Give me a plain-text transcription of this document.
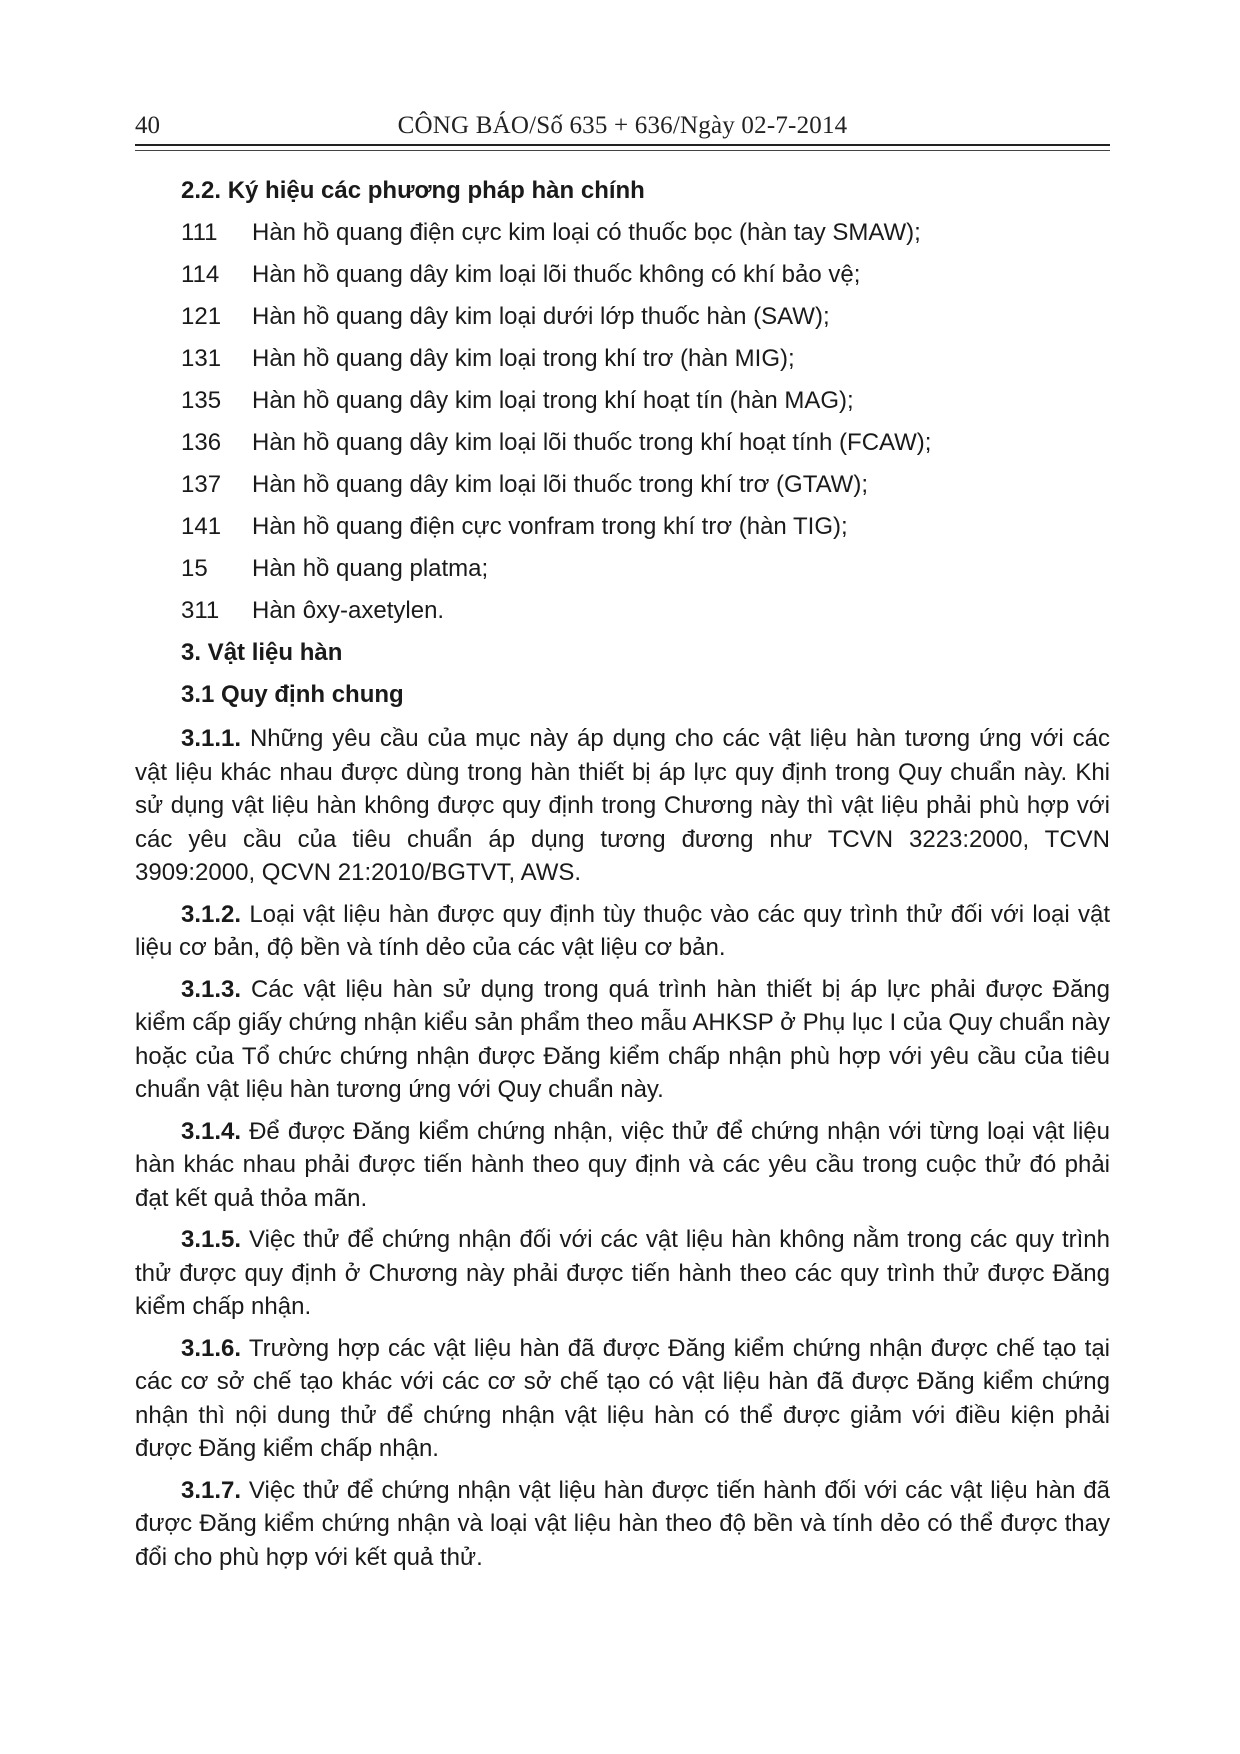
40	CÔNG BÁO/Số 635 + 636/Ngày 02-7-2014
2.2. Ký hiệu các phương pháp hàn chính
111	Hàn hồ quang điện cực kim loại có thuốc bọc (hàn tay SMAW);
114	Hàn hồ quang dây kim loại lõi thuốc không có khí bảo vệ;
121	Hàn hồ quang dây kim loại dưới lớp thuốc hàn (SAW);
131	Hàn hồ quang dây kim loại trong khí trơ (hàn MIG);
135	Hàn hồ quang dây kim loại trong khí hoạt tín (hàn MAG);
136	Hàn hồ quang dây kim loại lõi thuốc trong khí hoạt tính (FCAW);
137	Hàn hồ quang dây kim loại lõi thuốc trong khí trơ (GTAW);
141	Hàn hồ quang điện cực vonfram trong khí trơ (hàn TIG);
15	Hàn hồ quang platma;
311	Hàn ôxy-axetylen.
3. Vật liệu hàn
3.1 Quy định chung

3.1.1. Những yêu cầu của mục này áp dụng cho các vật liệu hàn tương ứng với các vật liệu khác nhau được dùng trong hàn thiết bị áp lực quy định trong Quy chuẩn này. Khi sử dụng vật liệu hàn không được quy định trong Chương này thì vật liệu phải phù hợp với các yêu cầu của tiêu chuẩn áp dụng tương đương như TCVN 3223:2000, TCVN 3909:2000, QCVN 21:2010/BGTVT, AWS.

3.1.2. Loại vật liệu hàn được quy định tùy thuộc vào các quy trình thử đối với loại vật liệu cơ bản, độ bền và tính dẻo của các vật liệu cơ bản.

3.1.3. Các vật liệu hàn sử dụng trong quá trình hàn thiết bị áp lực phải được Đăng kiểm cấp giấy chứng nhận kiểu sản phẩm theo mẫu AHKSP ở Phụ lục I của Quy chuẩn này hoặc của Tổ chức chứng nhận được Đăng kiểm chấp nhận phù hợp với yêu cầu của tiêu chuẩn vật liệu hàn tương ứng với Quy chuẩn này.

3.1.4. Để được Đăng kiểm chứng nhận, việc thử để chứng nhận với từng loại vật liệu hàn khác nhau phải được tiến hành theo quy định và các yêu cầu trong cuộc thử đó phải đạt kết quả thỏa mãn.

3.1.5. Việc thử để chứng nhận đối với các vật liệu hàn không nằm trong các quy trình thử được quy định ở Chương này phải được tiến hành theo các quy trình thử được Đăng kiểm chấp nhận.

3.1.6. Trường hợp các vật liệu hàn đã được Đăng kiểm chứng nhận được chế tạo tại các cơ sở chế tạo khác với các cơ sở chế tạo có vật liệu hàn đã được Đăng kiểm chứng nhận thì nội dung thử để chứng nhận vật liệu hàn có thể được giảm với điều kiện phải được Đăng kiểm chấp nhận.

3.1.7. Việc thử để chứng nhận vật liệu hàn được tiến hành đối với các vật liệu hàn đã được Đăng kiểm chứng nhận và loại vật liệu hàn theo độ bền và tính dẻo có thể được thay đổi cho phù hợp với kết quả thử.
